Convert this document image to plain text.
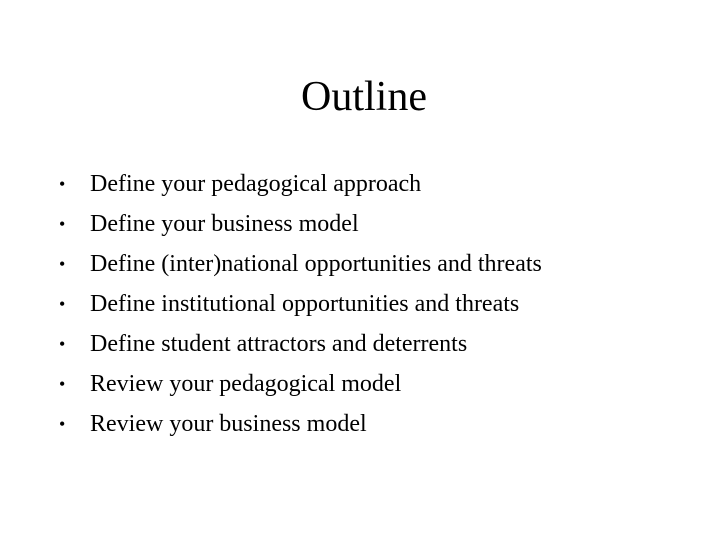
Outline
• Define your pedagogical approach
• Define your business model
• Define (inter)national opportunities and threats
• Define institutional opportunities and threats
• Define student attractors and deterrents
• Review your pedagogical model
• Review your business model
